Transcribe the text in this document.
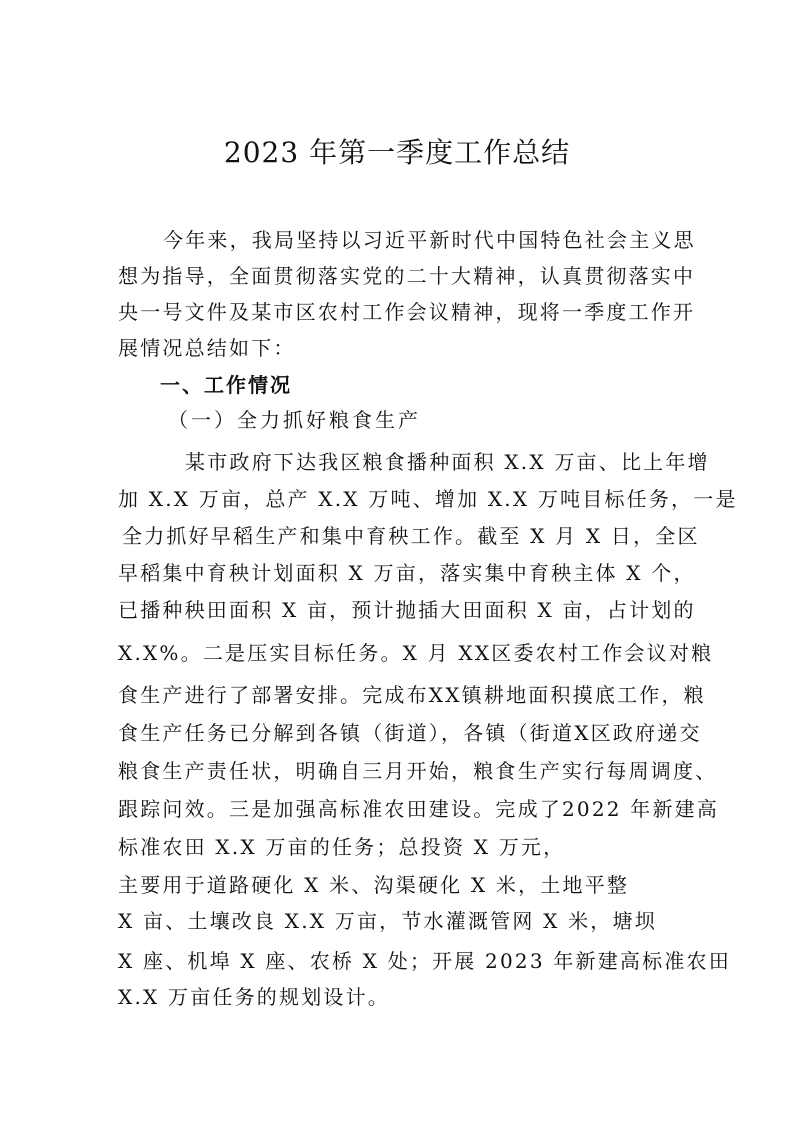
2023 年第一季度工作总结
今年来，我局坚持以习近平新时代中国特色社会主义思
想为指导，全面贯彻落实党的二十大精神，认真贯彻落实中
央一号文件及某市区农村工作会议精神，现将一季度工作开
展情况总结如下：
一、工作情况
（一）全力抓好粮食生产
某市政府下达我区粮食播种面积 X.X 万亩、比上年增
加 X.X 万亩，总产 X.X 万吨、增加 X.X 万吨目标任务，一是
全力抓好早稻生产和集中育秧工作。截至 X 月 X 日，全区
早稻集中育秧计划面积 X 万亩，落实集中育秧主体 X 个，
已播种秧田面积 X 亩，预计抛插大田面积 X 亩，占计划的
X.X%。二是压实目标任务。X 月 XX区委农村工作会议对粮
食生产进行了部署安排。完成布XX镇耕地面积摸底工作，粮
食生产任务已分解到各镇（街道），各镇（街道X区政府递交
粮食生产责任状，明确自三月开始，粮食生产实行每周调度、
跟踪问效。三是加强高标准农田建设。完成了2022 年新建高
标准农田 X.X 万亩的任务；总投资 X 万元，
主要用于道路硬化 X 米、沟渠硬化 X 米，土地平整
X 亩、土壤改良 X.X 万亩，节水灌溉管网 X 米，塘坝
X 座、机埠 X 座、农桥 X 处；开展 2023 年新建高标准农田
X.X 万亩任务的规划设计。
